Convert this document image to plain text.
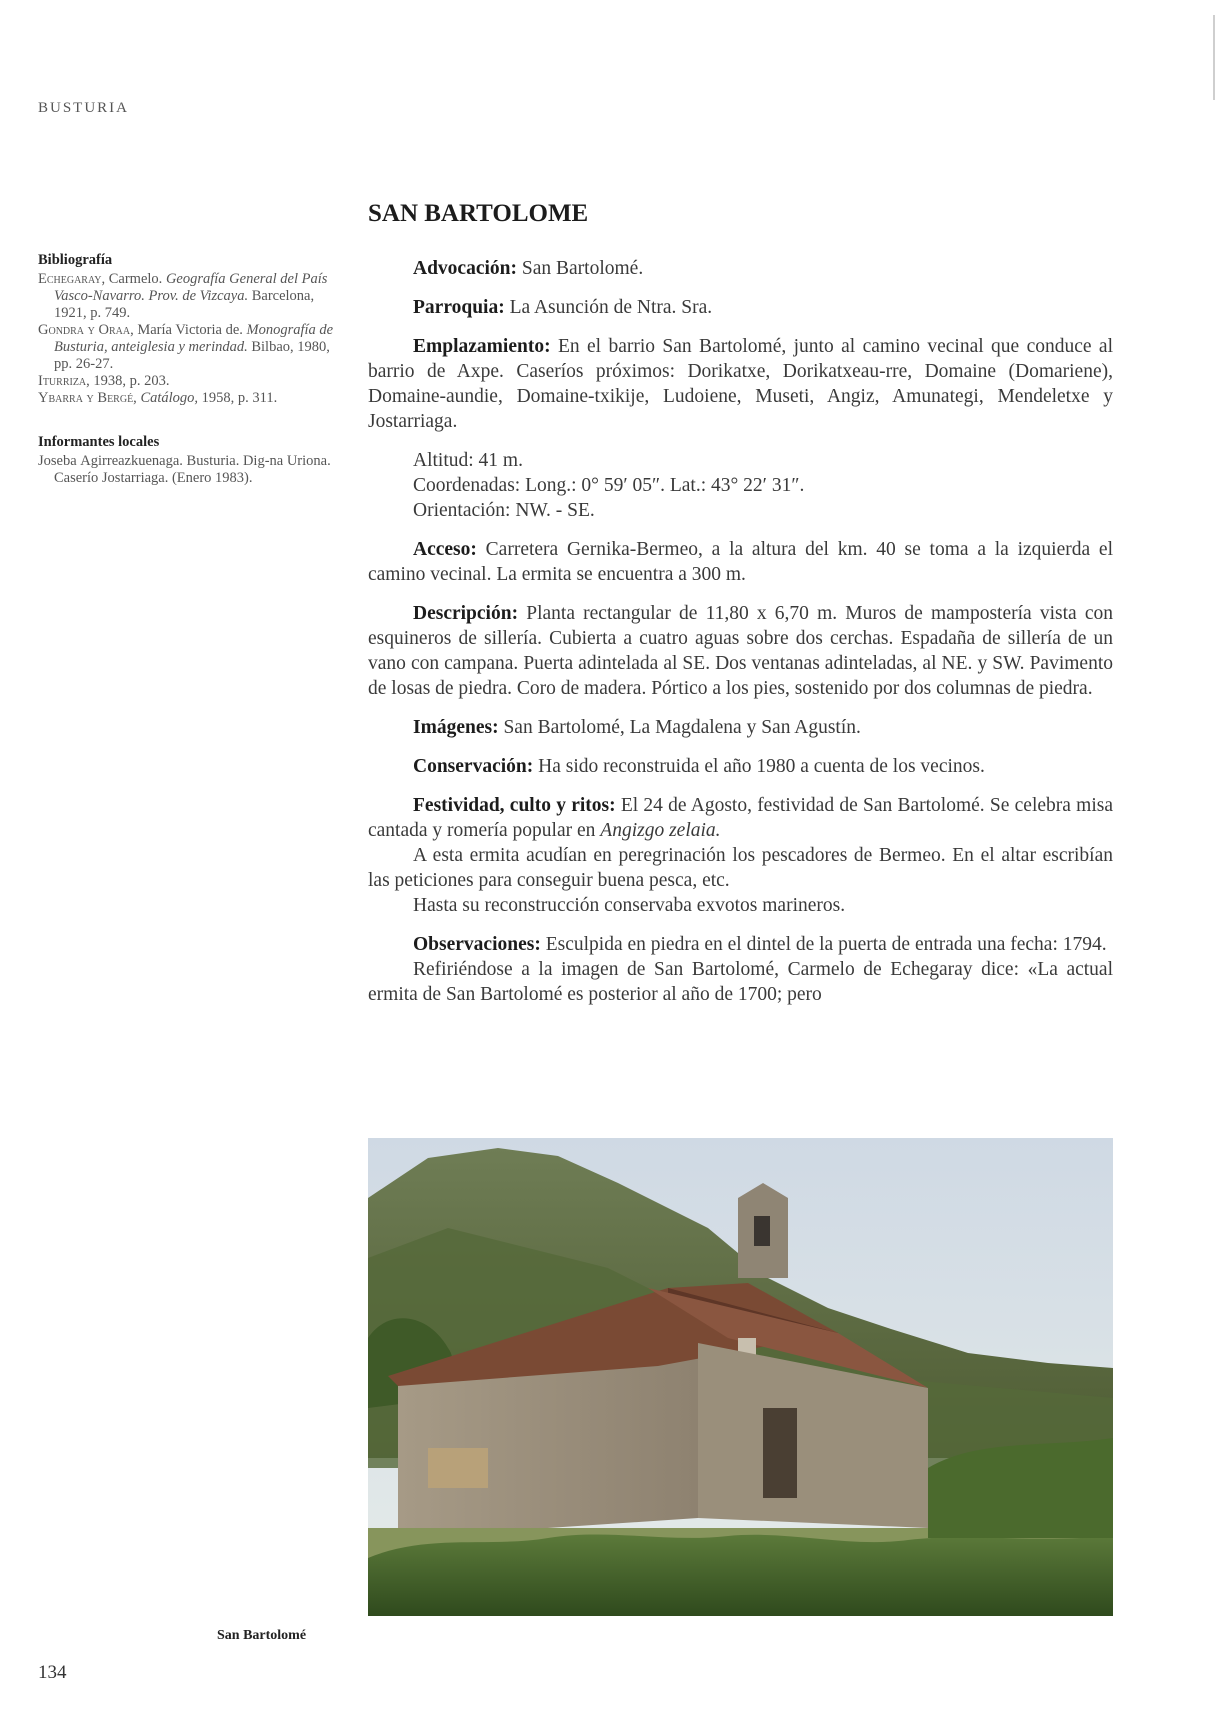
BUSTURIA
SAN BARTOLOME
Bibliografía

Echegaray, Carmelo. Geografía General del País Vasco-Navarro. Prov. de Vizcaya. Barcelona, 1921, p. 749.

Gondra y Oraa, María Victoria de. Monografía de Busturia, anteiglesia y merindad. Bilbao, 1980, pp. 26-27.

Iturriza, 1938, p. 203.

Ybarra y Bergé, Catálogo, 1958, p. 311.

Informantes locales

Josebа Agirreazkuenaga. Busturia. Dig-na Uriona. Caserío Jostarriaga. (Enero 1983).

Advocación: San Bartolomé.

Parroquia: La Asunción de Ntra. Sra.

Emplazamiento: En el barrio San Bartolomé, junto al camino vecinal que conduce al barrio de Axpe. Caseríos próximos: Dorikatxe, Dorikatxeau-rre, Domaine (Domariene), Domaine-aundie, Domaine-txikije, Ludoiene, Museti, Angiz, Amunategi, Mendeletxe y Jostarriaga.

Altitud: 41 m.

Coordenadas: Long.: 0° 59′ 05″. Lat.: 43° 22′ 31″.

Orientación: NW. - SE.

Acceso: Carretera Gernika-Bermeo, a la altura del km. 40 se toma a la izquierda el camino vecinal. La ermita se encuentra a 300 m.

Descripción: Planta rectangular de 11,80 x 6,70 m. Muros de mampostería vista con esquineros de sillería. Cubierta a cuatro aguas sobre dos cerchas. Espadaña de sillería de un vano con campana. Puerta adintelada al SE. Dos ventanas adinteladas, al NE. y SW. Pavimento de losas de piedra. Coro de madera. Pórtico a los pies, sostenido por dos columnas de piedra.

Imágenes: San Bartolomé, La Magdalena y San Agustín.

Conservación: Ha sido reconstruida el año 1980 a cuenta de los vecinos.

Festividad, culto y ritos: El 24 de Agosto, festividad de San Bartolomé. Se celebra misa cantada y romería popular en Angizgo zelaia.

A esta ermita acudían en peregrinación los pescadores de Bermeo. En el altar escribían las peticiones para conseguir buena pesca, etc.

Hasta su reconstrucción conservaba exvotos marineros.

Observaciones: Esculpida en piedra en el dintel de la puerta de entrada una fecha: 1794.

Refiriéndose a la imagen de San Bartolomé, Carmelo de Echegaray dice: «La actual ermita de San Bartolomé es posterior al año de 1700; pero

San Bartolomé
134
